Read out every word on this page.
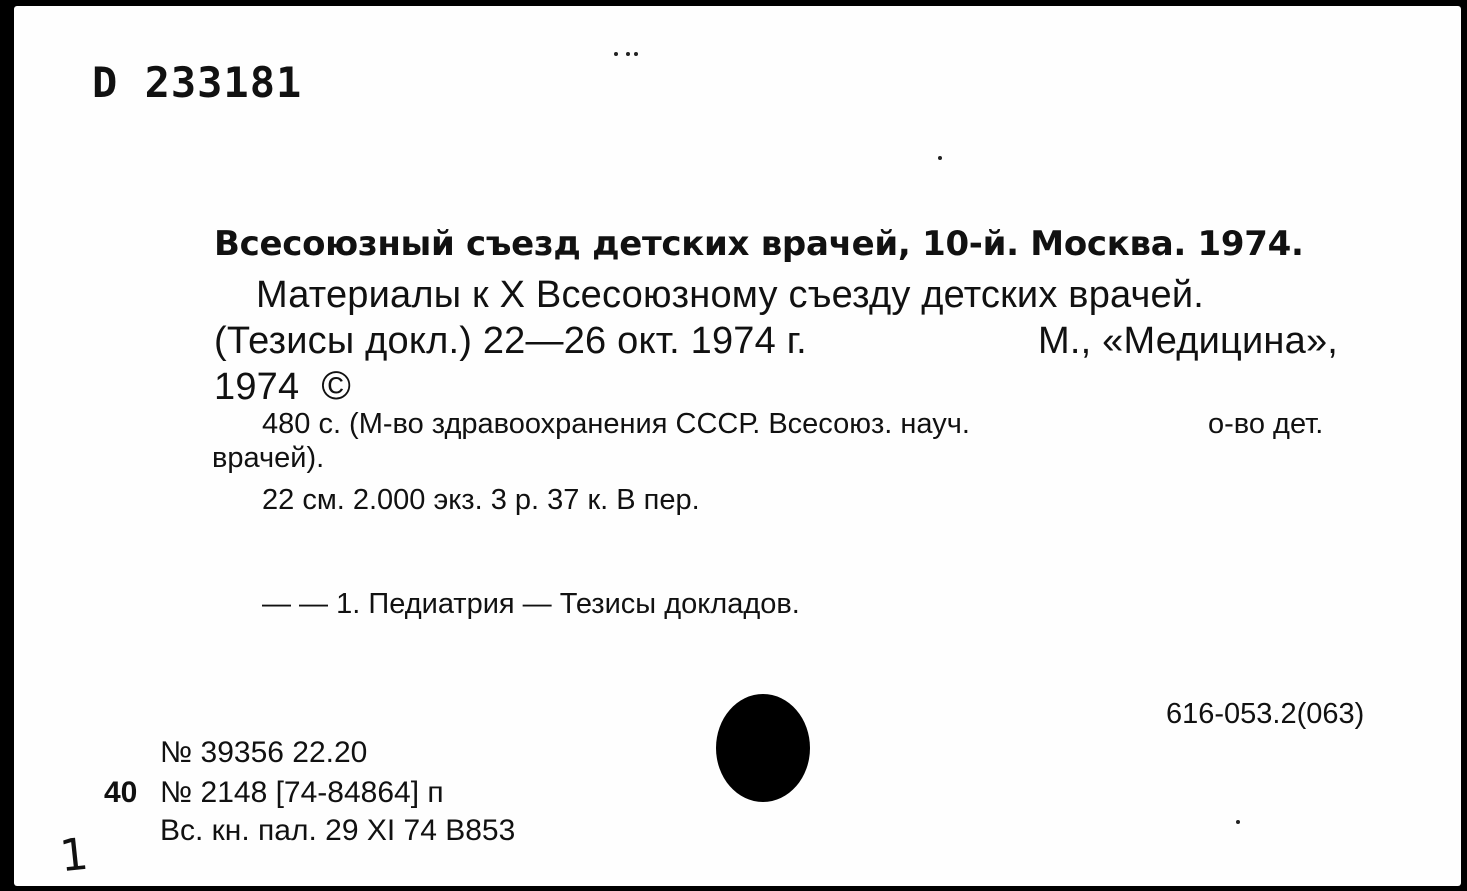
D 233181
Всесоюзный съезд детских врачей, 10-й. Москва. 1974.
Материалы к X Всесоюзному съезду детских врачей.
(Тезисы докл.) 22—26 окт. 1974 г.	М., «Медицина»,
1974 ©
480 с. (М-во здравоохранения СССР. Всесоюз. науч.	о-во дет.
врачей).
22 см. 2.000 экз. 3 р. 37 к. В пер.
— — 1. Педиатрия — Тезисы докладов.
616-053.2(063)
№ 39356 22.20
40 № 2148 [74-84864] п
Вс. кн. пал. 29 XI 74 В853
1
